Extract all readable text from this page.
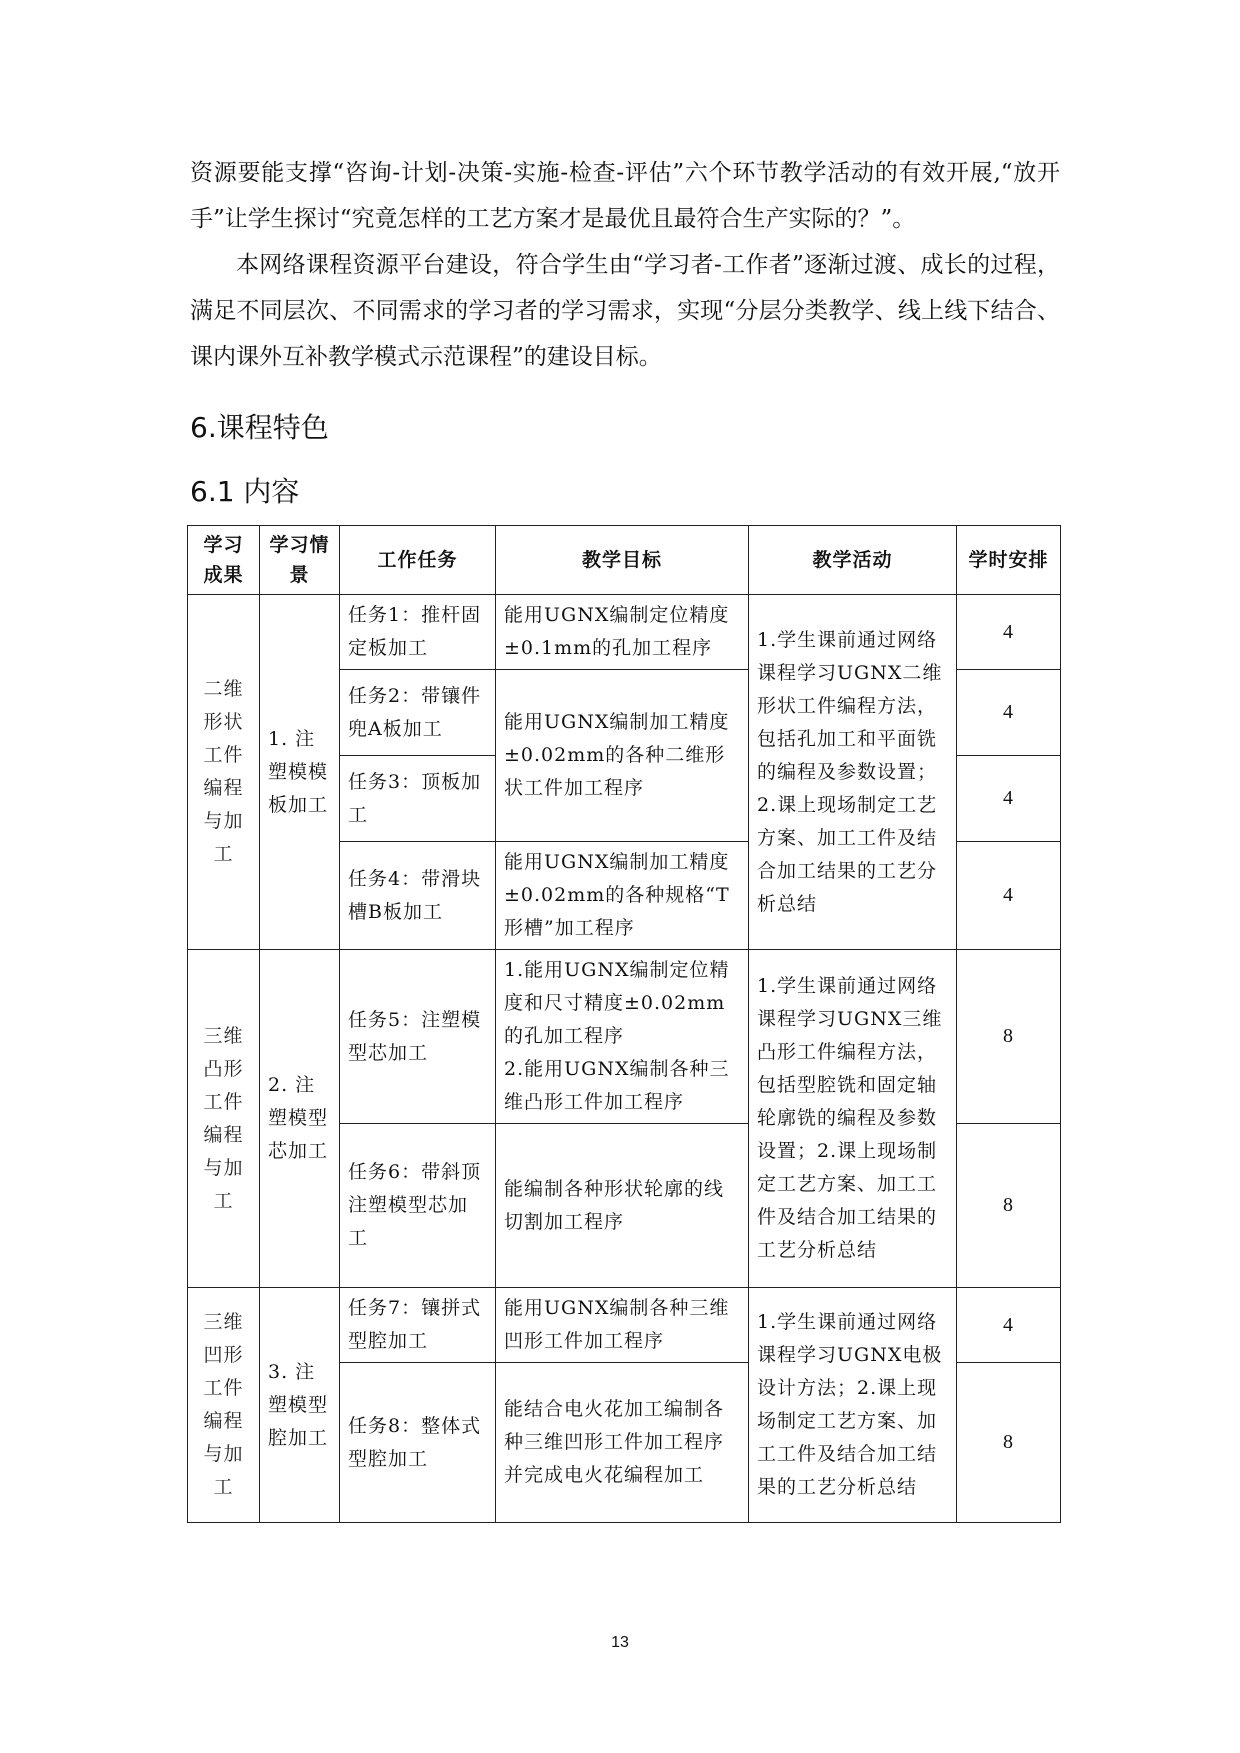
资源要能支撑“咨询-计划-决策-实施-检查-评估”六个环节教学活动的有效开展,“放开手”让学生探讨“究竟怎样的工艺方案才是最优且最符合生产实际的？”。

本网络课程资源平台建设，符合学生由“学习者-工作者”逐渐过渡、成长的过程，满足不同层次、不同需求的学习者的学习需求，实现“分层分类教学、线上线下结合、课内课外互补教学模式示范课程”的建设目标。

6.课程特色
6.1 内容
学习成果	学习情景	工作任务	教学目标	教学活动	学时安排
二维形状工件编程与加工	1. 注塑模模板加工	任务1：推杆固定板加工	能用UGNX编制定位精度±0.1mm的孔加工程序	1.学生课前通过网络课程学习UGNX二维形状工件编程方法，包括孔加工和平面铣的编程及参数设置；2.课上现场制定工艺方案、加工工件及结合加工结果的工艺分析总结	4
		任务2：带镶件兜A板加工	能用UGNX编制加工精度±0.02mm的各种二维形状工件加工程序		4
		任务3：顶板加工			4
		任务4：带滑块槽B板加工	能用UGNX编制加工精度±0.02mm的各种规格“T形槽”加工程序		4
三维凸形工件编程与加工	2. 注塑模型芯加工	任务5：注塑模型芯加工	1.能用UGNX编制定位精度和尺寸精度±0.02mm的孔加工程序
2.能用UGNX编制各种三维凸形工件加工程序	1.学生课前通过网络课程学习UGNX三维凸形工件编程方法，包括型腔铣和固定轴轮廓铣的编程及参数设置；2.课上现场制定工艺方案、加工工件及结合加工结果的工艺分析总结	8
		任务6：带斜顶注塑模型芯加工	能编制各种形状轮廓的线切割加工程序		8
三维凹形工件编程与加工	3. 注塑模型腔加工	任务7：镶拼式型腔加工	能用UGNX编制各种三维凹形工件加工程序	1.学生课前通过网络课程学习UGNX电极设计方法；2.课上现场制定工艺方案、加工工件及结合加工结果的工艺分析总结	4
		任务8：整体式型腔加工	能结合电火花加工编制各种三维凹形工件加工程序并完成电火花编程加工		8
13
